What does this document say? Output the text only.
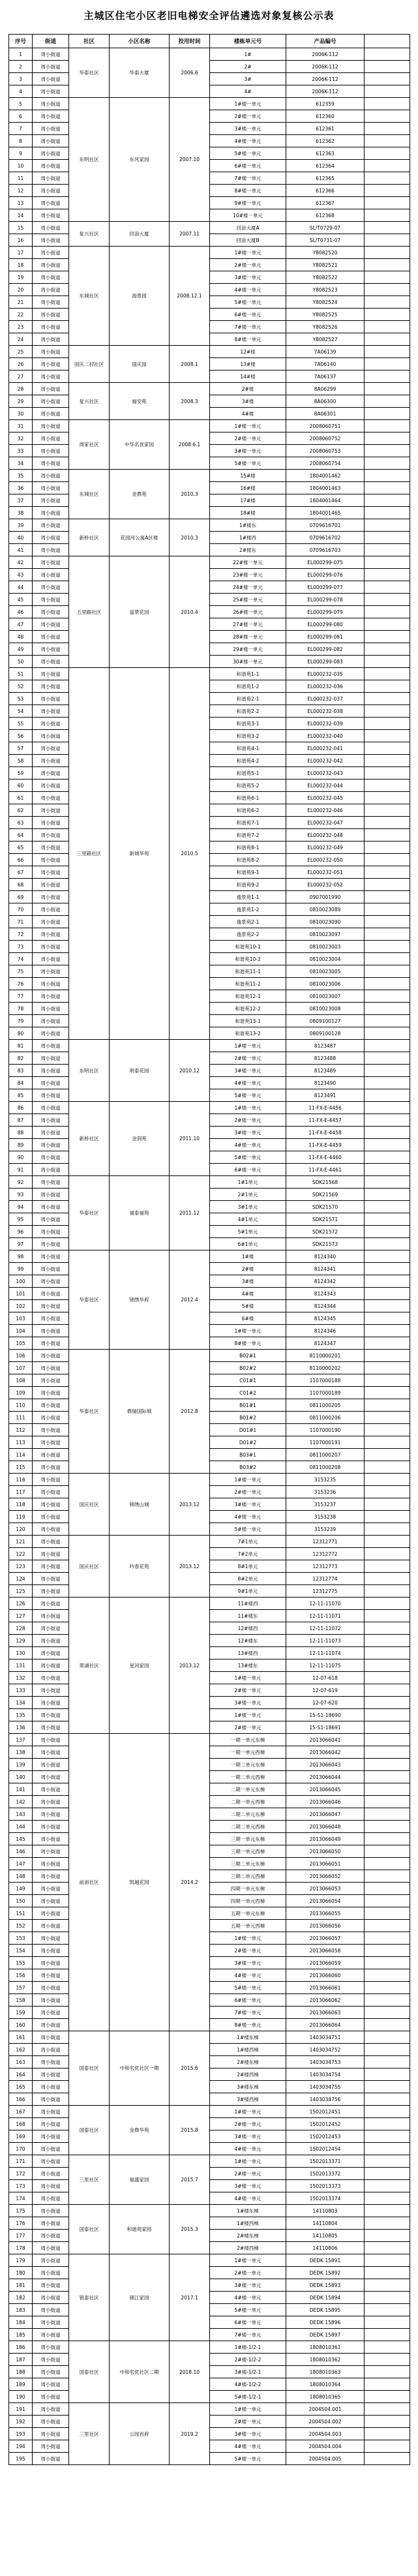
主城区住宅小区老旧电梯安全评估遴选对象复核公示表
序号	街道	社区	小区名称	投用时间	楼栋单元号	产品编号	
1	周小街道	华泰社区	华泰大厦	2006.6	1#	2006K-112	
2	周小街道				2#	2006K-112	
3	周小街道				3#	2006K-112	
4	周小街道				4#	2006K-112	
5	周小街道	东明社区	东风家园	2007.10	1#楼一单元	612359	
6	周小街道				2#楼一单元	612360	
7	周小街道				3#楼一单元	612361	
8	周小街道				4#楼一单元	612362	
9	周小街道				5#楼一单元	612363	
10	周小街道				6#楼一单元	612364	
11	周小街道				7#楼一单元	612365	
12	周小街道				8#楼一单元	612366	
13	周小街道				9#楼一单元	612367	
14	周小街道				10#楼一单元	612368	
15	周小街道	复兴社区	回浪大厦	2007.11	回浪大厦A	SL/T0729-07	
16	周小街道				回浪大厦B	SL/T0731-07	
17	周小街道	东城社区	海景园	2008.12.1	1#楼一单元	Y8082520	
18	周小街道				2#楼一单元	Y8082521	
19	周小街道				3#楼一单元	Y8082522	
20	周小街道				4#楼一单元	Y8082523	
21	周小街道				5#楼一单元	Y8082524	
22	周小街道				6#楼一单元	Y8082525	
23	周小街道				7#楼一单元	Y8082526	
24	周小街道				8#楼一单元	Y8082527	
25	周小街道	国庆二村社区	国庆园	2008.1	12#楼	7A06139	
26	周小街道				13#楼	7A06140	
27	周小街道				14#楼	7A06137	
28	周小街道	复兴社区	福安苑	2008.3	2#楼	8A06299	
29	周小街道				3#楼	8A06300	
30	周小街道				4#楼	8A06301	
31	周小街道	周家社区	中华名优家园	2008.6.1	1#楼一单元	2008060751	
32	周小街道				2#楼一单元	2008060752	
33	周小街道				3#楼一单元	2008060753	
34	周小街道				5#楼一单元	2008060754	
35	周小街道	东城社区	金鼎苑	2010.3	15#楼	1804001462	
36	周小街道				16#楼	1804001463	
37	周小街道				17#楼	1804001464	
38	周小街道				18#楼	1804001465	
39	周小街道	新桥社区	花园河公寓A区楼	2010.3	1#楼东	0709616701	
40	周小街道				1#楼西	0709616702	
41	周小街道				2#楼东	0709616703	
42	周小街道	五里路社区	富景花园	2010.4	22#楼一单元	EL000299-075	
43	周小街道				23#楼一单元	EL000299-076	
44	周小街道				24#楼一单元	EL000299-077	
45	周小街道				25#楼一单元	EL000299-078	
46	周小街道				26#楼一单元	EL000299-079	
47	周小街道				27#楼一单元	EL000299-080	
48	周小街道				28#楼一单元	EL000299-081	
49	周小街道				29#楼一单元	EL000299-082	
50	周小街道				30#楼一单元	EL000299-083	
51	周小街道	三里路社区	新城华苑	2010.5	和谐苑1-1	EL000232-035	
52	周小街道				和谐苑1-2	EL000232-036	
53	周小街道				和谐苑2-1	EL000232-037	
54	周小街道				和谐苑2-2	EL000232-038	
55	周小街道				和谐苑3-1	EL000232-039	
56	周小街道				和谐苑3-2	EL000232-040	
57	周小街道				和谐苑4-1	EL000232-041	
58	周小街道				和谐苑4-2	EL000232-042	
59	周小街道				和谐苑5-1	EL000232-043	
60	周小街道				和谐苑5-2	EL000232-044	
61	周小街道				和谐苑6-1	EL000232-045	
62	周小街道				和谐苑6-2	EL000232-046	
63	周小街道				和谐苑7-1	EL000232-047	
64	周小街道				和谐苑7-2	EL000232-048	
65	周小街道				和谐苑8-1	EL000232-049	
66	周小街道				和谐苑8-2	EL000232-050	
67	周小街道				和谐苑9-1	EL000232-051	
68	周小街道				和谐苑9-2	EL000232-052	
69	周小街道				逸景苑1-1	0907001990	
70	周小街道				逸景苑1-2	0810023089	
71	周小街道				逸景苑2-1	0810023090	
72	周小街道				逸景苑2-2	0810023097	
73	周小街道				和谐苑10-1	0810023003	
74	周小街道				和谐苑10-2	0810023004	
75	周小街道				和谐苑11-1	0810023005	
76	周小街道				和谐苑11-2	0810023006	
77	周小街道				和谐苑12-1	0810023007	
78	周小街道				和谐苑12-2	0810023008	
79	周小街道				和谐苑13-1	0809100127	
80	周小街道				和谐苑13-2	0809100128	
81	周小街道	东明社区	明泰花园	2010.12	1#楼一单元	8123487	
82	周小街道				2#楼一单元	8123488	
83	周小街道				3#楼一单元	8123489	
84	周小街道				4#楼一单元	8123490	
85	周小街道				5#楼一单元	8123491	
86	周小街道	新桥社区	金润苑	2011.10	1#楼一单元	11-FX-E-4456	
87	周小街道				2#楼一单元	11-FX-E-4457	
88	周小街道				3#楼一单元	11-FX-E-4458	
89	周小街道				4#楼一单元	11-FX-E-4459	
90	周小街道				5#楼一单元	11-FX-E-4460	
91	周小街道				6#楼一单元	11-FX-E-4461	
92	周小街道	华泰社区	福泰福苑	2011.12	1#1单元	SDK21568	
93	周小街道				2#1单元	SDK21569	
94	周小街道				3#1单元	SDK21570	
95	周小街道				4#1单元	SDK21571	
96	周小街道				5#1单元	SDK21572	
97	周小街道				6#1单元	SDK21573	
98	周小街道	华泰社区	锦绣华府	2012.4	1#楼	8124340	
99	周小街道				2#楼	8124341	
100	周小街道				3#楼	8124342	
101	周小街道				4#楼	8124343	
102	周小街道				5#楼	8124344	
103	周小街道				6#楼	8124345	
104	周小街道				1#楼一单元	8124346	
105	周小街道				8#楼一单元	8124347	
106	周小街道	华泰社区	鼎瑞国际城	2012.8	B02#1	8110000201	
107	周小街道				B02#2	8110000202	
108	周小街道				C01#1	1107000188	
109	周小街道				C01#2	1107000189	
110	周小街道				B01#1	0811000205	
111	周小街道				B01#2	0811000206	
112	周小街道				D01#1	1107000190	
113	周小街道				D01#2	1107000191	
114	周小街道				B03#1	0811000207	
115	周小街道				B03#2	0811000208	
116	周小街道	国庆社区	锦绣山城	2013.12	1#楼一单元	3153235	
117	周小街道				2#楼一单元	3153236	
118	周小街道				3#楼一单元	3153237	
119	周小街道				4#楼一单元	3153238	
120	周小街道				5#楼一单元	3153239	
121	周小街道	国庆社区	吟春花苑	2013.12	7#1单元	12312771	
122	周小街道				7#2单元	12312772	
123	周小街道				8#1单元	12312773	
124	周小街道				8#2单元	12312774	
125	周小街道				9#1单元	12312775	
126	周小街道	翠湖社区	星河家园	2013.12	11#楼西	12-11-11070	
127	周小街道				11#楼东	12-11-11071	
128	周小街道				12#楼西	12-11-11072	
129	周小街道				12#楼东	12-11-11073	
130	周小街道				13#楼西	12-11-11074	
131	周小街道				13#楼东	12-11-11075	
132	周小街道				1#楼一单元	12-07-618	
133	周小街道				2#楼一单元	12-07-619	
134	周小街道				3#楼一单元	12-07-620	
135	周小街道				1#楼一单元	15-S1-18690	
136	周小街道				2#楼一单元	15-S1-18691	
137	周小街道	前南社区	凯越花园	2014.2	一期一单元东梯	2013066041	
138	周小街道				一期一单元西梯	2013066042	
139	周小街道				一期二单元东梯	2013066043	
140	周小街道				一期二单元西梯	2013066044	
141	周小街道				二期一单元东梯	2013066045	
142	周小街道				二期一单元西梯	2013066046	
143	周小街道				二期二单元东梯	2013066047	
144	周小街道				二期二单元西梯	2013066048	
145	周小街道				三期一单元东梯	2013066049	
146	周小街道				三期一单元西梯	2013066050	
147	周小街道				三期二单元东梯	2013066051	
148	周小街道				三期二单元西梯	2013066052	
149	周小街道				四期一单元东梯	2013066053	
150	周小街道				四期一单元西梯	2013066054	
151	周小街道				五期一单元东梯	2013066055	
152	周小街道				五期一单元西梯	2013066056	
153	周小街道				1#楼一单元	2013066057	
154	周小街道				2#楼一单元	2013066058	
155	周小街道				3#楼一单元	2013066059	
156	周小街道				4#楼一单元	2013066060	
157	周小街道				5#楼一单元	2013066061	
158	周小街道				6#楼一单元	2013066062	
159	周小街道				7#楼一单元	2013066063	
160	周小街道				8#楼一单元	2013066064	
161	周小街道	国泰社区	中和名优社区一期	2015.6	1#楼东梯	1403034751	
162	周小街道				1#楼西梯	1403034752	
163	周小街道				2#楼东梯	1403034753	
164	周小街道				2#楼西梯	1403034754	
165	周小街道				3#楼东梯	1403034755	
166	周小街道				3#楼西梯	1403034756	
167	周小街道	国泰社区	金鼎华苑	2015.8	1#楼一单元	1502012451	
168	周小街道				2#楼一单元	1502012452	
169	周小街道				3#楼一单元	1502012453	
170	周小街道				4#楼一单元	1502012454	
171	周小街道	三里社区	福盛家园	2015.7	1#楼一单元	1502013371	
172	周小街道				2#楼一单元	1502013372	
173	周小街道				3#楼一单元	1502013373	
174	周小街道				4#楼一单元	1502013374	
175	周小街道	国泰社区	和谐苑家园	2015.3	1#楼东梯	14110803	
176	周小街道				1#楼西梯	14110804	
177	周小街道				2#楼东梯	14110805	
178	周小街道				2#楼西梯	14110806	
179	周小街道	银泰社区	锦江家园	2017.1	1#楼一单元	DEDK 15891	
180	周小街道				2#楼一单元	DEDK 15892	
181	周小街道				3#楼一单元	DEDK 15893	
182	周小街道				4#楼一单元	DEDK 15894	
183	周小街道				5#楼一单元	DEDK 15895	
184	周小街道				6#楼一单元	DEDK 15896	
185	周小街道				7#楼一单元	DEDK 15897	
186	周小街道	国泰社区	中和名优社区二期	2018.10	1#楼-1/2-1	1808010361	
187	周小街道				2#楼-1/2-2	1808010362	
188	周小街道				3#楼-1/2-1	1808010363	
189	周小街道				4#楼-1/2-2	1808010364	
190	周小街道				5#楼-1/2-1	1808010365	
191	周小街道	三里社区	公园首府	2019.2	1#楼一单元	2004504.001	
192	周小街道				2#楼一单元	2004504.002	
193	周小街道				3#楼一单元	2004504.003	
194	周小街道				4#楼一单元	2004504.004	
195	周小街道				5#楼一单元	2004504.005	
